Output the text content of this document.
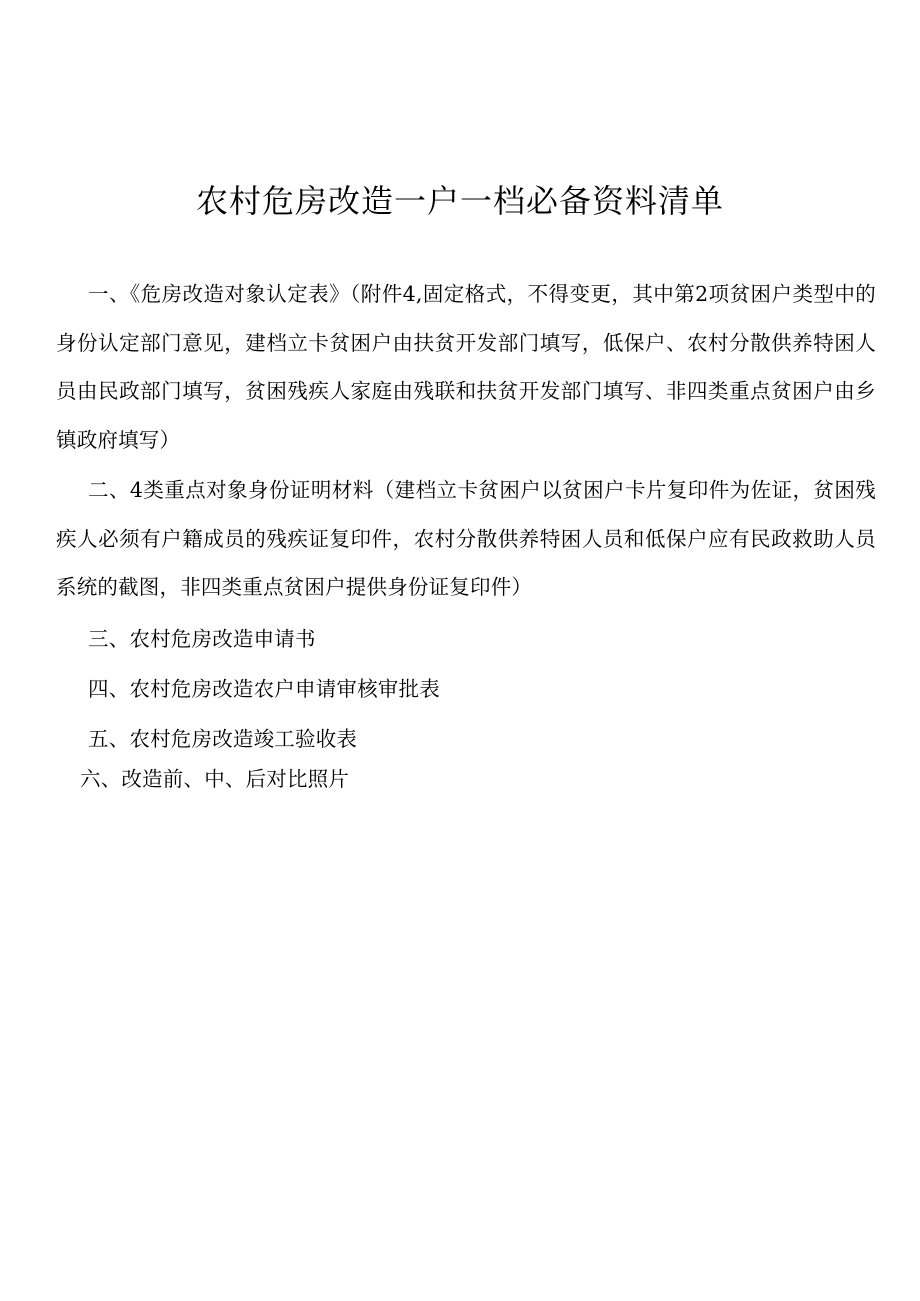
农村危房改造一户一档必备资料清单

一、《危房改造对象认定表》（附件4,固定格式，不得变更，其中第2项贫困户类型中的身份认定部门意见，建档立卡贫困户由扶贫开发部门填写，低保户、农村分散供养特困人员由民政部门填写，贫困残疾人家庭由残联和扶贫开发部门填写、非四类重点贫困户由乡镇政府填写）

二、4类重点对象身份证明材料（建档立卡贫困户以贫困户卡片复印件为佐证，贫困残疾人必须有户籍成员的残疾证复印件，农村分散供养特困人员和低保户应有民政救助人员系统的截图，非四类重点贫困户提供身份证复印件）

三、农村危房改造申请书

四、农村危房改造农户申请审核审批表

五、农村危房改造竣工验收表

六、改造前、中、后对比照片
